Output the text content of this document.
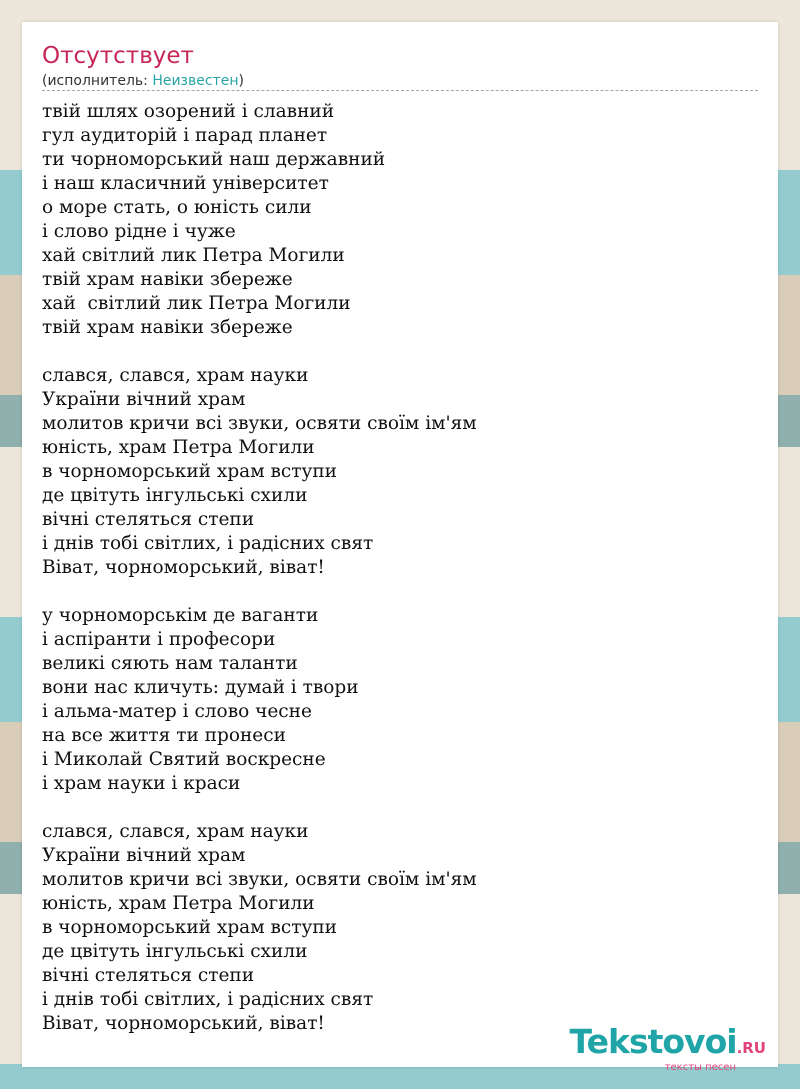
Отсутствует
(исполнитель: Неизвестен)
твій шлях озорений і славний
гул аудиторій і парад планет
ти чорноморський наш державний
і наш класичний університет
о море стать, о юність сили
і слово рідне і чуже
хай світлий лик Петра Могили
твій храм навіки збереже
хай  світлий лик Петра Могили
твій храм навіки збереже
слався, слався, храм науки
України вічний храм
молитов кричи всі звуки, освяти своїм ім'ям
юність, храм Петра Могили
в чорноморський храм вступи
де цвітуть інгульські схили
вічні стеляться степи
і днів тобі світлих, і радісних свят
Віват, чорноморський, віват!
у чорноморськім де ваганти
і аспіранти і професори
великі сяють нам таланти
вони нас кличуть: думай і твори
і альма-матер і слово чесне
на все життя ти пронеси
і Миколай Святий воскресне
і храм науки і краси
слався, слався, храм науки
України вічний храм
молитов кричи всі звуки, освяти своїм ім'ям
юність, храм Петра Могили
в чорноморський храм вступи
де цвітуть інгульські схили
вічні стеляться степи
і днів тобі світлих, і радісних свят
Віват, чорноморський, віват!	Tekstovoi.RU
тексты песен
